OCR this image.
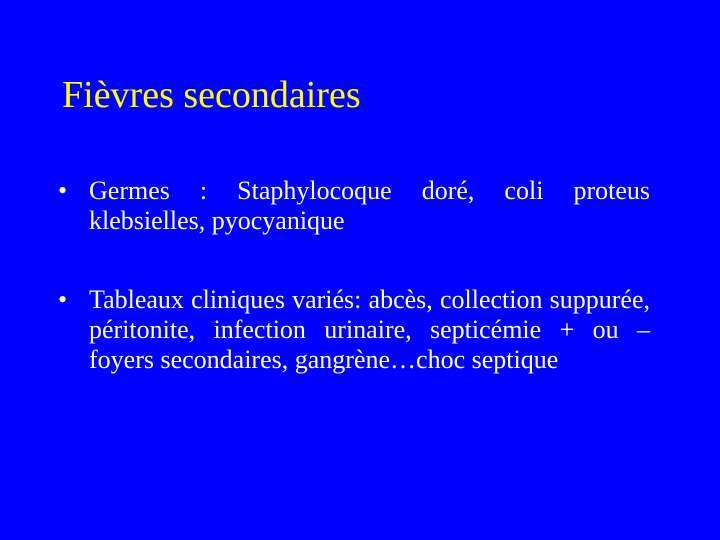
Fièvres secondaires
• Germes : Staphylocoque doré, coli proteus klebsielles, pyocyanique
• Tableaux cliniques variés: abcès, collection suppurée, péritonite, infection urinaire, septicémie + ou – foyers secondaires, gangrène…choc septique
